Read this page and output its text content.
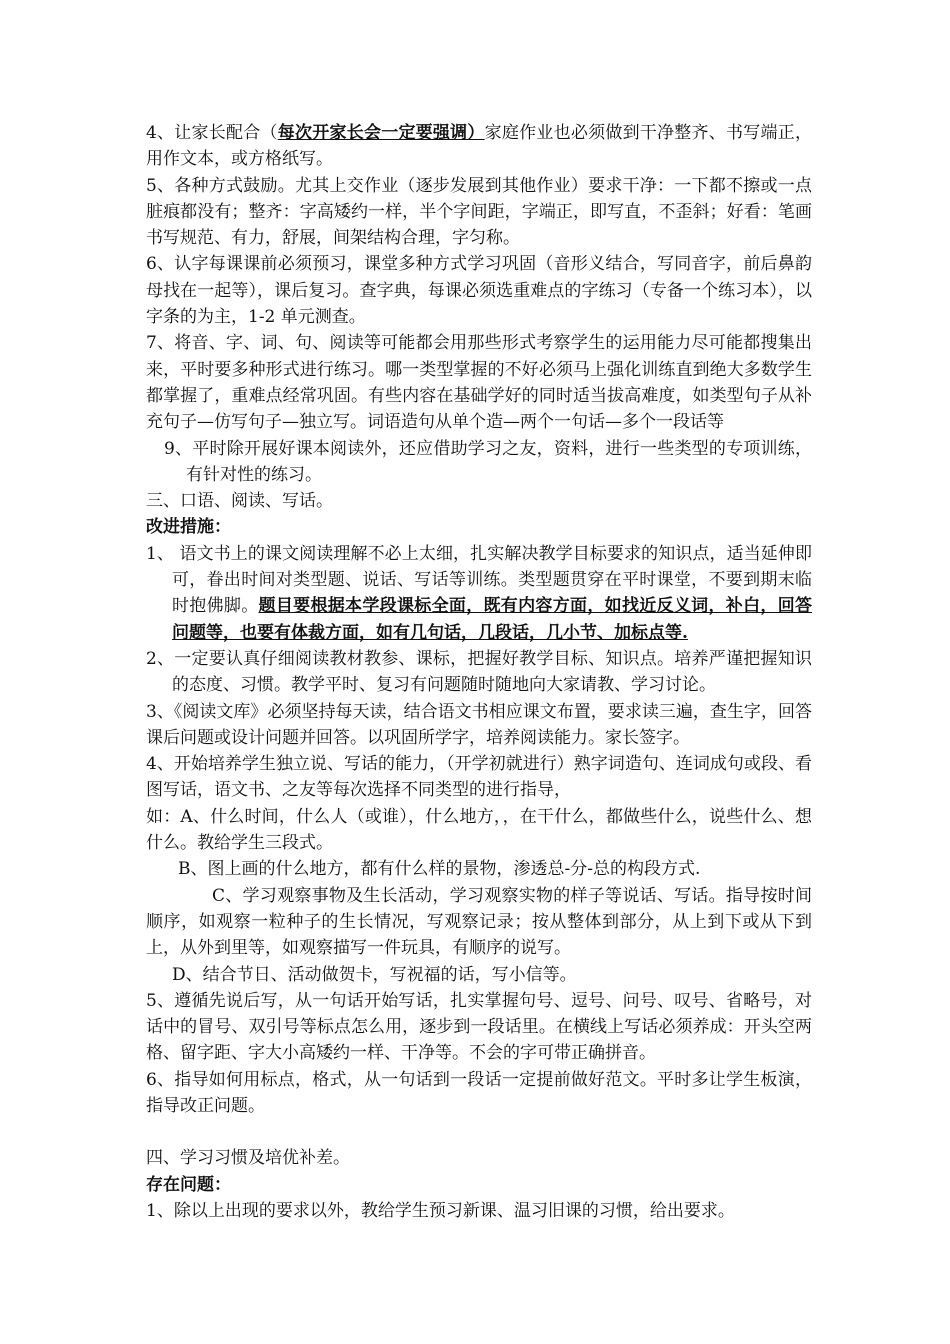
4、让家长配合（每次开家长会一定要强调）家庭作业也必须做到干净整齐、书写端正，用作文本，或方格纸写。

5、各种方式鼓励。尤其上交作业（逐步发展到其他作业）要求干净：一下都不擦或一点脏痕都没有；整齐：字高矮约一样，半个字间距，字端正，即写直，不歪斜；好看：笔画书写规范、有力，舒展，间架结构合理，字匀称。

6、认字每课课前必须预习，课堂多种方式学习巩固（音形义结合，写同音字，前后鼻韵母找在一起等），课后复习。查字典，每课必须选重难点的字练习（专备一个练习本），以字条的为主，1-2 单元测查。

7、将音、字、词、句、阅读等可能都会用那些形式考察学生的运用能力尽可能都搜集出来，平时要多种形式进行练习。哪一类型掌握的不好必须马上强化训练直到绝大多数学生都掌握了，重难点经常巩固。有些内容在基础学好的同时适当拔高难度，如类型句子从补充句子—仿写句子—独立写。词语造句从单个造—两个一句话—多个一段话等

9、平时除开展好课本阅读外，还应借助学习之友，资料，进行一些类型的专项训练，有针对性的练习。

三、口语、阅读、写话。

改进措施：

1、 语文书上的课文阅读理解不必上太细，扎实解决教学目标要求的知识点，适当延伸即可，眷出时间对类型题、说话、写话等训练。类型题贯穿在平时课堂，不要到期末临时抱佛脚。题目要根据本学段课标全面，既有内容方面，如找近反义词，补白，回答问题等，也要有体裁方面，如有几句话，几段话，几小节、加标点等.

2、一定要认真仔细阅读教材教参、课标，把握好教学目标、知识点。培养严谨把握知识的态度、习惯。教学平时、复习有问题随时随地向大家请教、学习讨论。

3、《阅读文库》必须坚持每天读，结合语文书相应课文布置，要求读三遍，查生字，回答课后问题或设计问题并回答。以巩固所学字，培养阅读能力。家长签字。

4、开始培养学生独立说、写话的能力，（开学初就进行）熟字词造句、连词成句或段、看图写话，语文书、之友等每次选择不同类型的进行指导，

如：A、什么时间，什么人（或谁），什么地方，，在干什么，都做些什么，说些什么、想什么。教给学生三段式。

B、图上画的什么地方，都有什么样的景物，渗透总-分-总的构段方式.

C、学习观察事物及生长活动，学习观察实物的样子等说话、写话。指导按时间顺序，如观察一粒种子的生长情况，写观察记录；按从整体到部分，从上到下或从下到上，从外到里等，如观察描写一件玩具，有顺序的说写。

D、结合节日、活动做贺卡，写祝福的话，写小信等。

5、遵循先说后写，从一句话开始写话，扎实掌握句号、逗号、问号、叹号、省略号，对话中的冒号、双引号等标点怎么用，逐步到一段话里。在横线上写话必须养成：开头空两格、留字距、字大小高矮约一样、干净等。不会的字可带正确拼音。

6、指导如何用标点，格式，从一句话到一段话一定提前做好范文。平时多让学生板演，指导改正问题。

四、学习习惯及培优补差。

存在问题：

1、除以上出现的要求以外，教给学生预习新课、温习旧课的习惯，给出要求。
